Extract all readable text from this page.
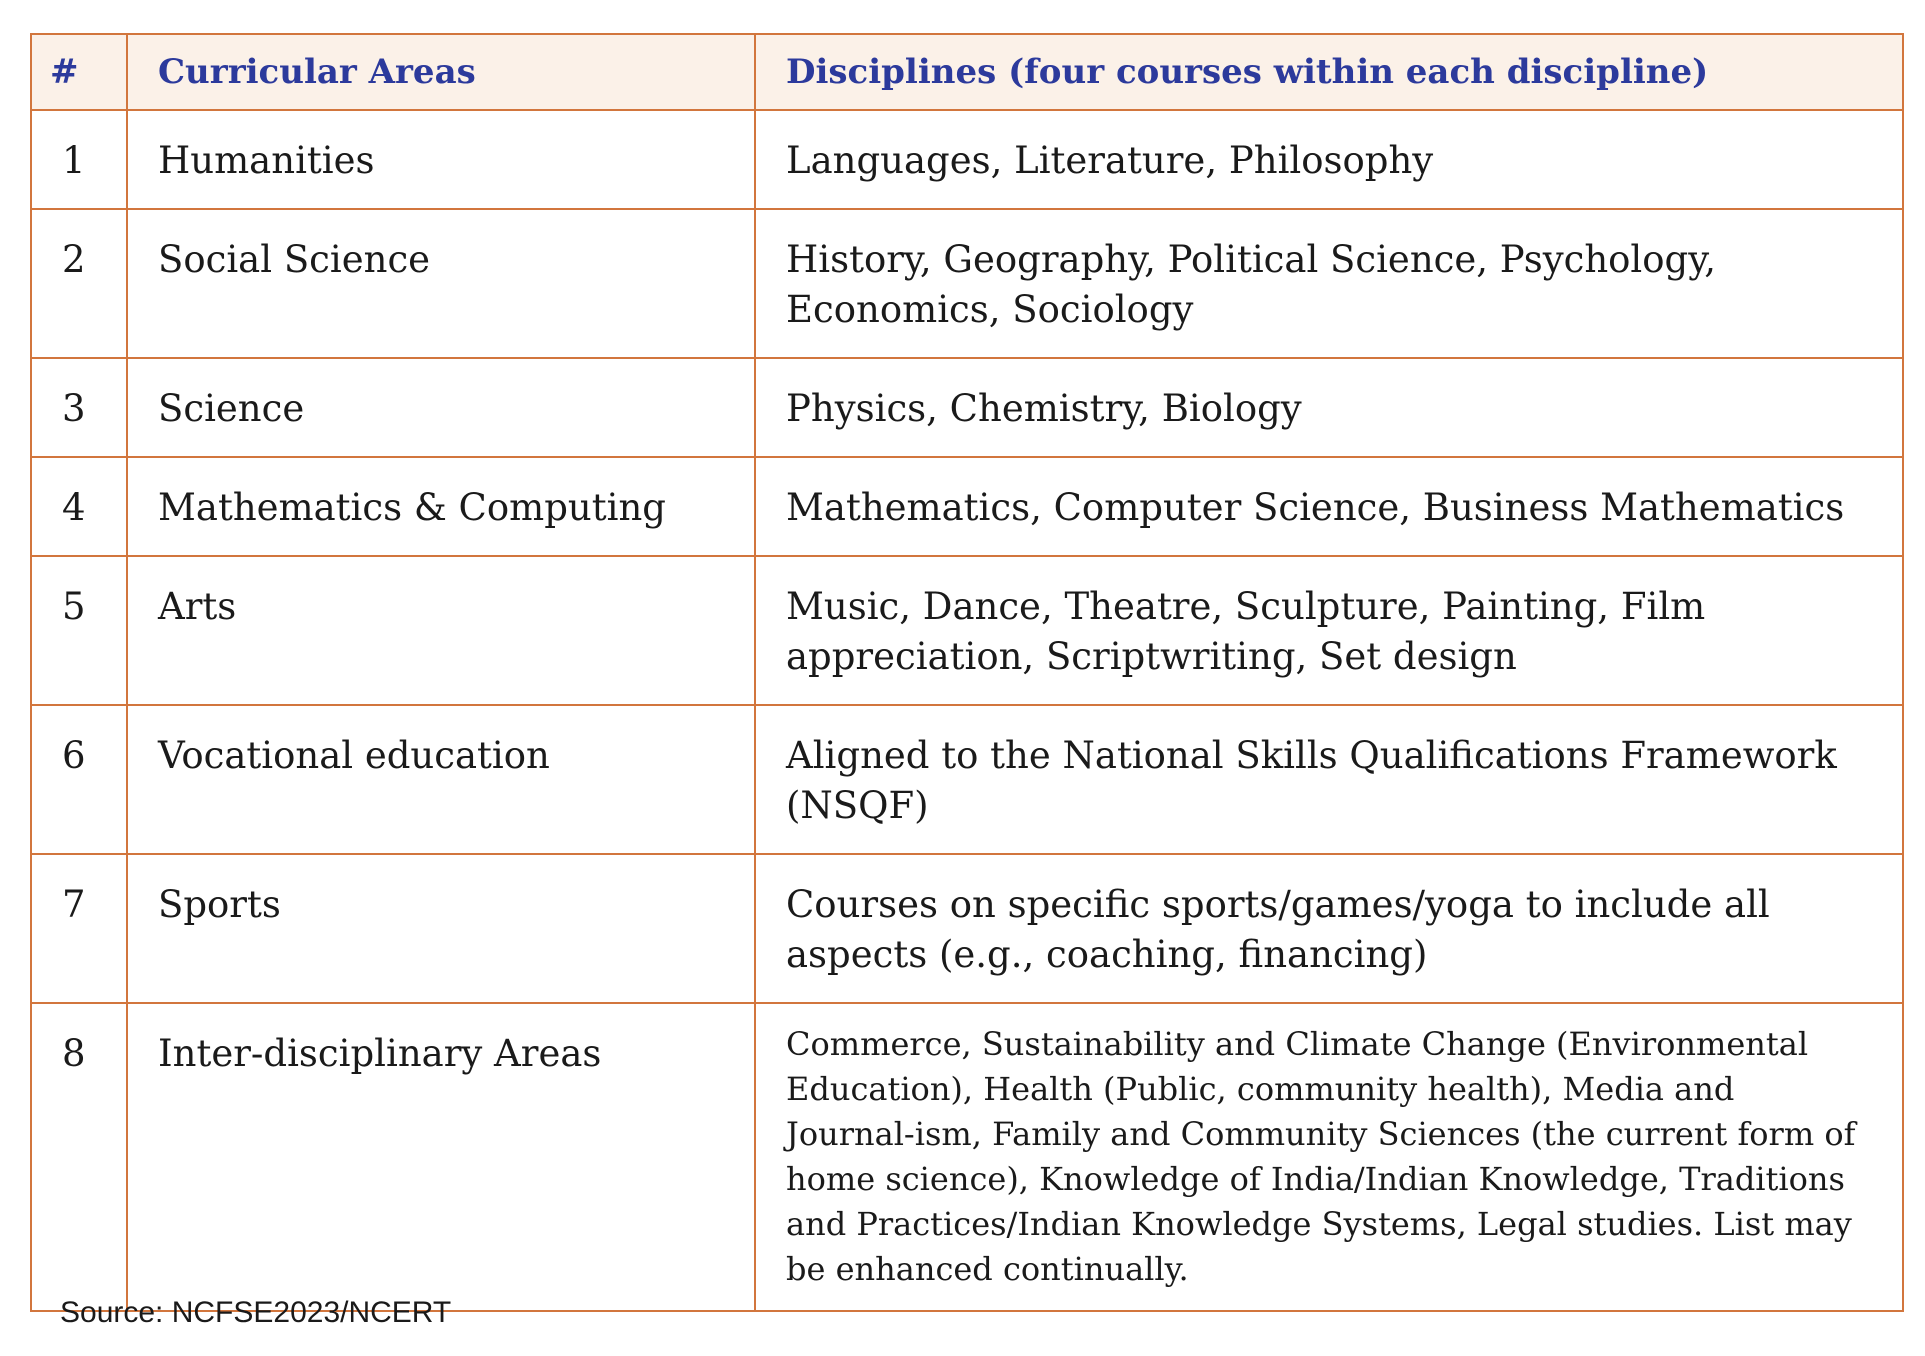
#	Curricular Areas	Disciplines (four courses within each discipline)
1	Humanities	Languages, Literature, Philosophy
2	Social Science	History, Geography, Political Science, Psychology, Economics, Sociology
3	Science	Physics, Chemistry, Biology
4	Mathematics & Computing	Mathematics, Computer Science, Business Mathematics
5	Arts	Music, Dance, Theatre, Sculpture, Painting, Film appreciation, Scriptwriting, Set design
6	Vocational education	Aligned to the National Skills Qualifications Framework (NSQF)
7	Sports	Courses on specific sports/games/yoga to include all aspects (e.g., coaching, financing)
8	Inter-disciplinary Areas	Commerce, Sustainability and Climate Change (Environmental Education), Health (Public, community health), Media and Journal-ism, Family and Community Sciences (the current form of home science), Knowledge of India/Indian Knowledge, Traditions and Practices/Indian Knowledge Systems, Legal studies. List may be enhanced continually.
Source: NCFSE2023/NCERT
